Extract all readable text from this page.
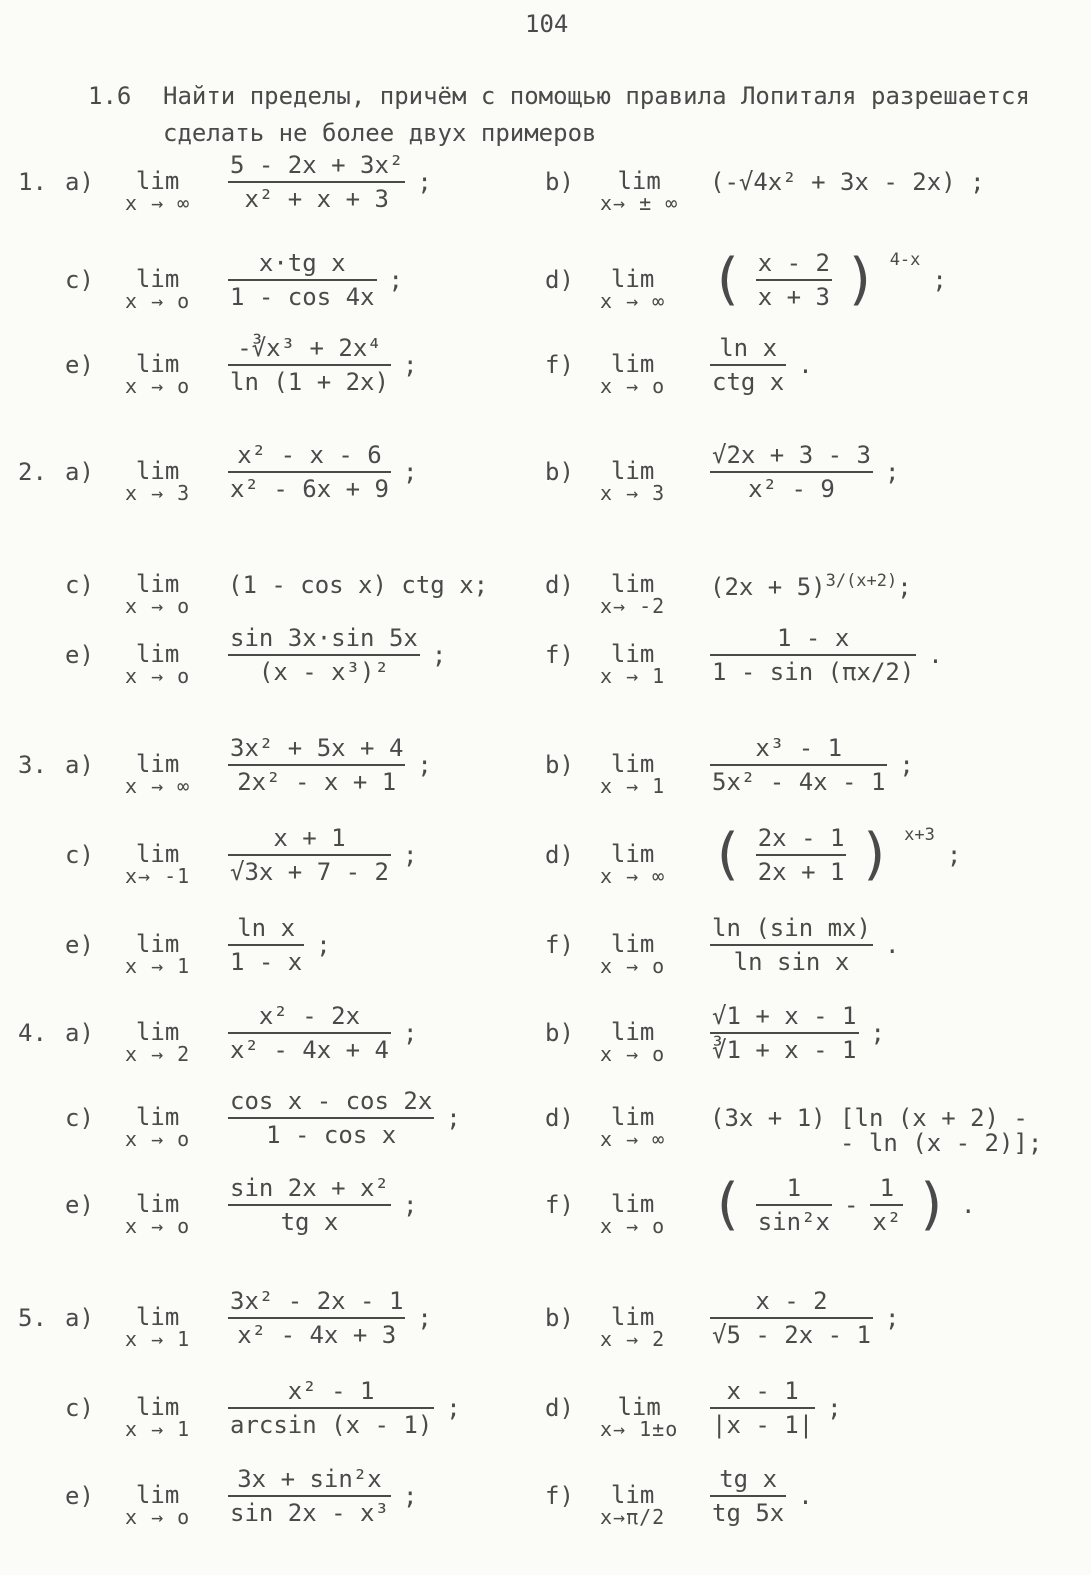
104
1.6 Найти пределы, причём с помощью правила Лопиталя разрешается
сделать не более двух примеров
1. a)	lim
x → ∞ $\frac{\text{5 - 2x + 3x²}}{\text{x² + x + 3}}$ ;	b)	lim
x→ ± ∞
(-√4x² + 3x - 2x) ;
c)	lim
x → o $\frac{\text{x·tg x}}{1 - \cos 4x}$ ;	d)	lim
x → ∞ ( $\frac{x - 2}{x + 3}$ ) $^{4-x}$
;
e)	lim
x → o $\frac{\text{-∛x³ + 2x⁴}}{\ln (1 + 2x)}$ ;	f)	lim
x → o $\frac{\text{ln x}}{\text{ctg x}}$ .
2. a)	lim
$x \to 3 \frac{\text{x² - x - 6}}{\text{x² - 6x + 9}}$ ;	b)	lim
$x \to 3 \frac{√2x + 3 - 3}{\text{x² - 9}}$ ;
c)	lim
x → o
(1 - cos x) ctg x; d)	lim
x→ -2
$(2x + 5)^{3/(x+2)}$;
e)	lim
x → o $\frac{\sin 3x\cdot\sin 5x}{\text{(x - x³)²}}$ ;	f)	lim
$x \to 1 \frac{1 - x}{1 - \sin (\pi x/2)}$ .
3. a)	lim
x → ∞ $\frac{\text{3x² + 5x + 4}}{\text{2x² - x + 1}}$ ;	b)	lim
$x \to 1 \frac{\text{x³ - 1}}{\text{5x² - 4x - 1}}$ ;
c)	lim
$x\to -1 \frac{x + 1}{√3x + 7 - 2}$ ;	d)	lim
x → ∞ ( $\frac{2x - 1}{2x + 1}$ ) $^{x+3}$
;
e)	lim
$x \to 1 \frac{\text{ln x}}{1 - x}$ ;	f)	lim
x → o $\frac{\text{ln (sin mx)}}{\text{ln sin x}}$ .
4. a)	lim
$x \to 2 \frac{\text{x² - 2x}}{\text{x² - 4x + 4}}$ ;	b)	lim
x → o $\frac{√1 + x - 1}{∛1 + x - 1}$ ;
c)	lim
x → o $\frac{\text{cos x - cos 2x}}{\text{1 - cos x}}$ ;	d)	lim
x → ∞
(3x + 1) [ln (x + 2) -
- ln (x - 2)];
e)	lim
x → o $\frac{\text{sin 2x + x²}}{\text{tg x}}$ ;	f)	lim
x → o ( $\frac{1}{\text{sin²x}} - \frac{1}{\text{x²}}$ ) .
5. a)	lim
$x \to 1 \frac{\text{3x² - 2x - 1}}{\text{x² - 4x + 3}}$ ;	b)	lim
$x \to 2 \frac{x - 2}{√5 - 2x - 1}$ ;
c)	lim
$x \to 1 \frac{\text{x² - 1}}{\arcsin (x - 1)}$ ;	d)	lim
$x\to 1\pm o \frac{x - 1}{|x - 1|}$ ;
e)	lim
x → o $\frac{\text{3x + sin²x}}{\text{sin 2x - x³}}$ ;	f)	lim
$x\to\pi/2 \frac{\text{tg x}}{tg 5x}$ .
